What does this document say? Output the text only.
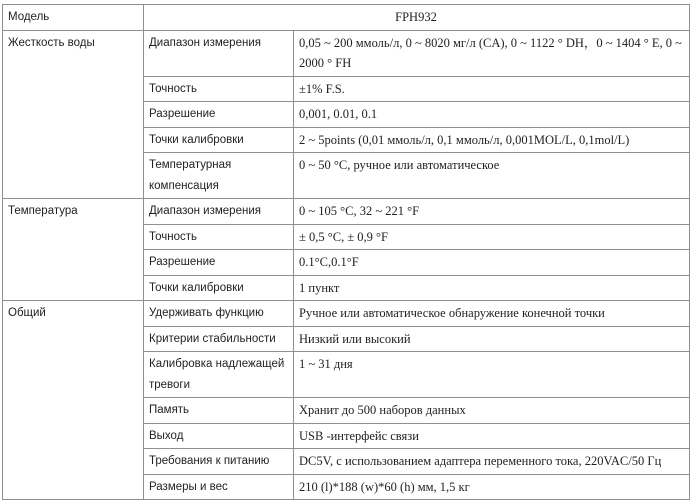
Модель	FPH932	
Жесткость воды	Диапазон измерения	0,05 ~ 200 ммоль/л, 0 ~ 8020 мг/л (CA), 0 ~ 1122 ° DH，0 ~ 1404 ° E, 0 ~ 2000 ° FH
	Точность	±1% F.S.
	Разрешение	0,001, 0.01, 0.1
	Точки калибровки	2 ~ 5points (0,01 ммоль/л, 0,1 ммоль/л, 0,001MOL/L, 0,1mol/L)
	Температурная компенсация	0 ~ 50 °C, ручное или автоматическое
Температура	Диапазон измерения	0 ~ 105 °C, 32 ~ 221 °F
	Точность	± 0,5 °C, ± 0,9 °F
	Разрешение	0.1°C,0.1°F
	Точки калибровки	1 пункт
Общий	Удерживать функцию	Ручное или автоматическое обнаружение конечной точки
	Критерии стабильности	Низкий или высокий
	Калибровка надлежащей тревоги	1 ~ 31 дня
	Память	Хранит до 500 наборов данных
	Выход	USB -интерфейс связи
	Требования к питанию	DC5V, с использованием адаптера переменного тока, 220VAC/50 Гц
	Размеры и вес	210 (l)*188 (w)*60 (h) мм, 1,5 кг
